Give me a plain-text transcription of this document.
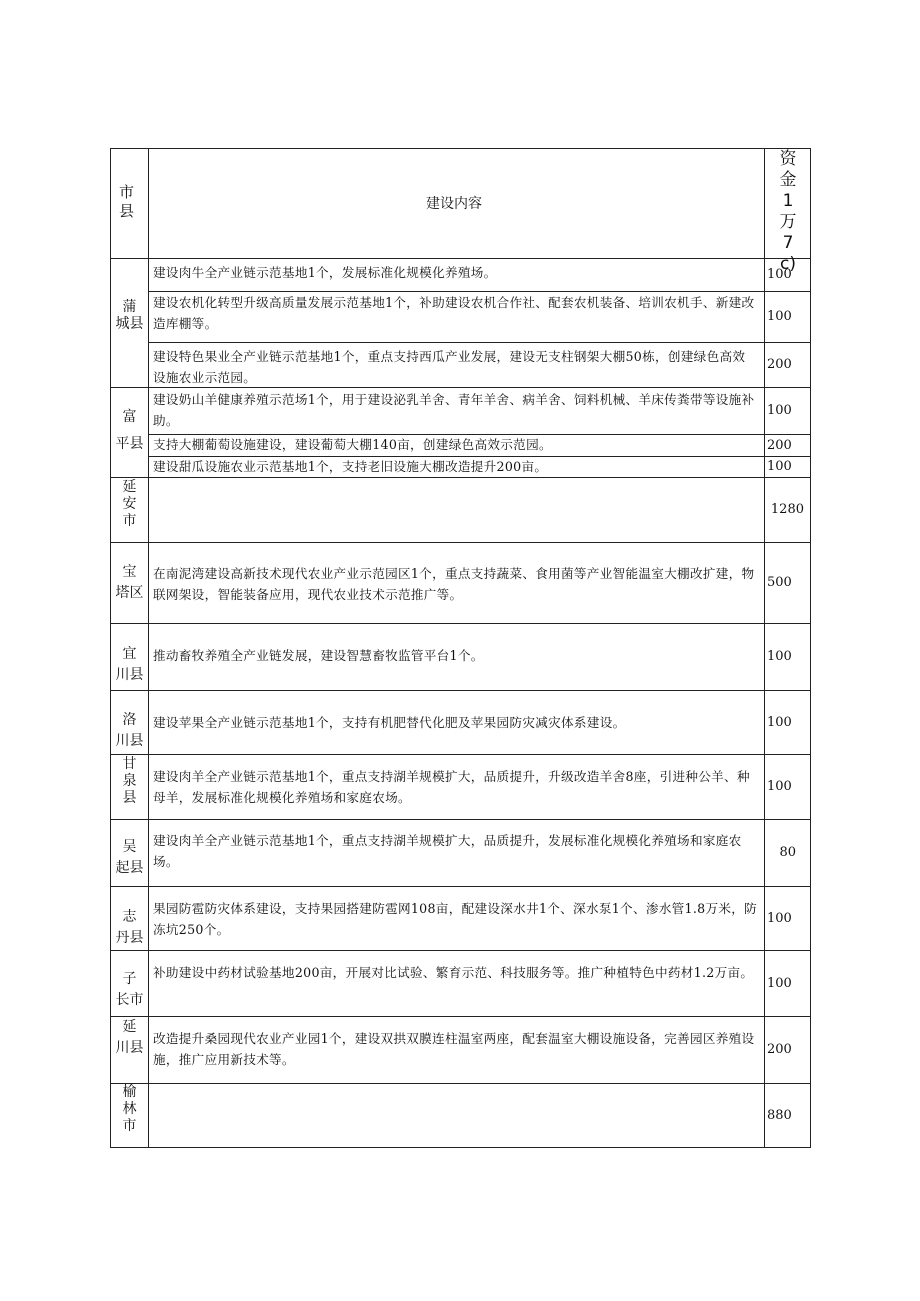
市县	建设内容
资金1万7c)
蒲
城县
富
平县
延
安
市
宝
塔区
宜
川县
洛
川县
甘
泉
县
吴
起县
志
丹县
子
长市
延
川县
榆
林
市
建设肉牛全产业链示范基地1个，发展标准化规模化养殖场。
建设农机化转型升级高质量发展示范基地1个，补助建设农机合作社、配套农机装备、培训农机手、新建改造库棚等。
建设特色果业全产业链示范基地1个，重点支持西瓜产业发展，建设无支柱钢架大棚50栋，创建绿色高效设施农业示范园。
建设奶山羊健康养殖示范场1个，用于建设泌乳羊舍、青年羊舍、病羊舍、饲料机械、羊床传粪带等设施补助。
支持大棚葡萄设施建设，建设葡萄大棚140亩，创建绿色高效示范园。
建设甜瓜设施农业示范基地1个，支持老旧设施大棚改造提升200亩。
在南泥湾建设高新技术现代农业产业示范园区1个，重点支持蔬菜、食用菌等产业智能温室大棚改扩建，物联网架设，智能装备应用，现代农业技术示范推广等。
推动畜牧养殖全产业链发展，建设智慧畜牧监管平台1个。
建设苹果全产业链示范基地1个，支持有机肥替代化肥及苹果园防灾减灾体系建设。
建设肉羊全产业链示范基地1个，重点支持湖羊规模扩大，品质提升，升级改造羊舍8座，引进种公羊、种母羊，发展标准化规模化养殖场和家庭农场。
建设肉羊全产业链示范基地1个，重点支持湖羊规模扩大，品质提升，发展标准化规模化养殖场和家庭农场。
果园防雹防灾体系建设，支持果园搭建防雹网108亩，配建设深水井1个、深水泵1个、渗水管1.8万米，防冻坑250个。
补助建设中药材试验基地200亩，开展对比试验、繁育示范、科技服务等。推广种植特色中药材1.2万亩。
改造提升桑园现代农业产业园1个，建设双拱双膜连柱温室两座，配套温室大棚设施设备，完善园区养殖设施，推广应用新技术等。
100
100
200
100
200
100
1280
500
100
100
100
80
100
100
200
880
